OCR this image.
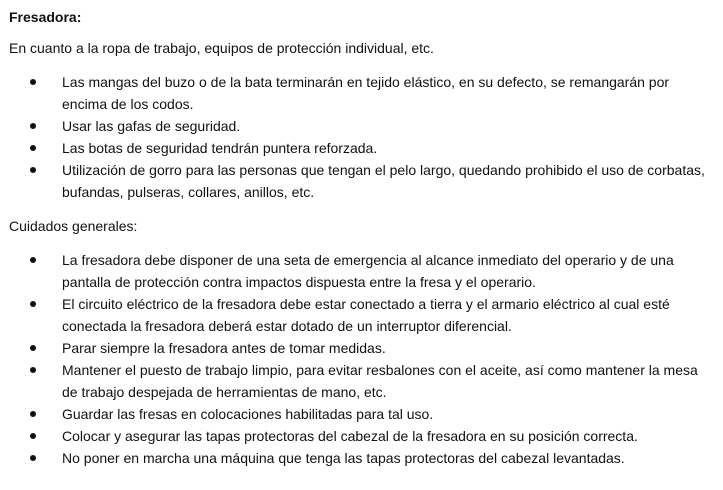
Fresadora:
En cuanto a la ropa de trabajo, equipos de protección individual, etc.
Las mangas del buzo o de la bata terminarán en tejido elástico, en su defecto, se remangarán por encima de los codos.
Usar las gafas de seguridad.
Las botas de seguridad tendrán puntera reforzada.
Utilización de gorro para las personas que tengan el pelo largo, quedando prohibido el uso de corbatas, bufandas, pulseras, collares, anillos, etc.
Cuidados generales:
La fresadora debe disponer de una seta de emergencia al alcance inmediato del operario y de una pantalla de protección contra impactos dispuesta entre la fresa y el operario.
El circuito eléctrico de la fresadora debe estar conectado a tierra y el armario eléctrico al cual esté conectada la fresadora deberá estar dotado de un interruptor diferencial.
Parar siempre la fresadora antes de tomar medidas.
Mantener el puesto de trabajo limpio, para evitar resbalones con el aceite, así como mantener la mesa de trabajo despejada de herramientas de mano, etc.
Guardar las fresas en colocaciones habilitadas para tal uso.
Colocar y asegurar las tapas protectoras del cabezal de la fresadora en su posición correcta.
No poner en marcha una máquina que tenga las tapas protectoras del cabezal levantadas.
